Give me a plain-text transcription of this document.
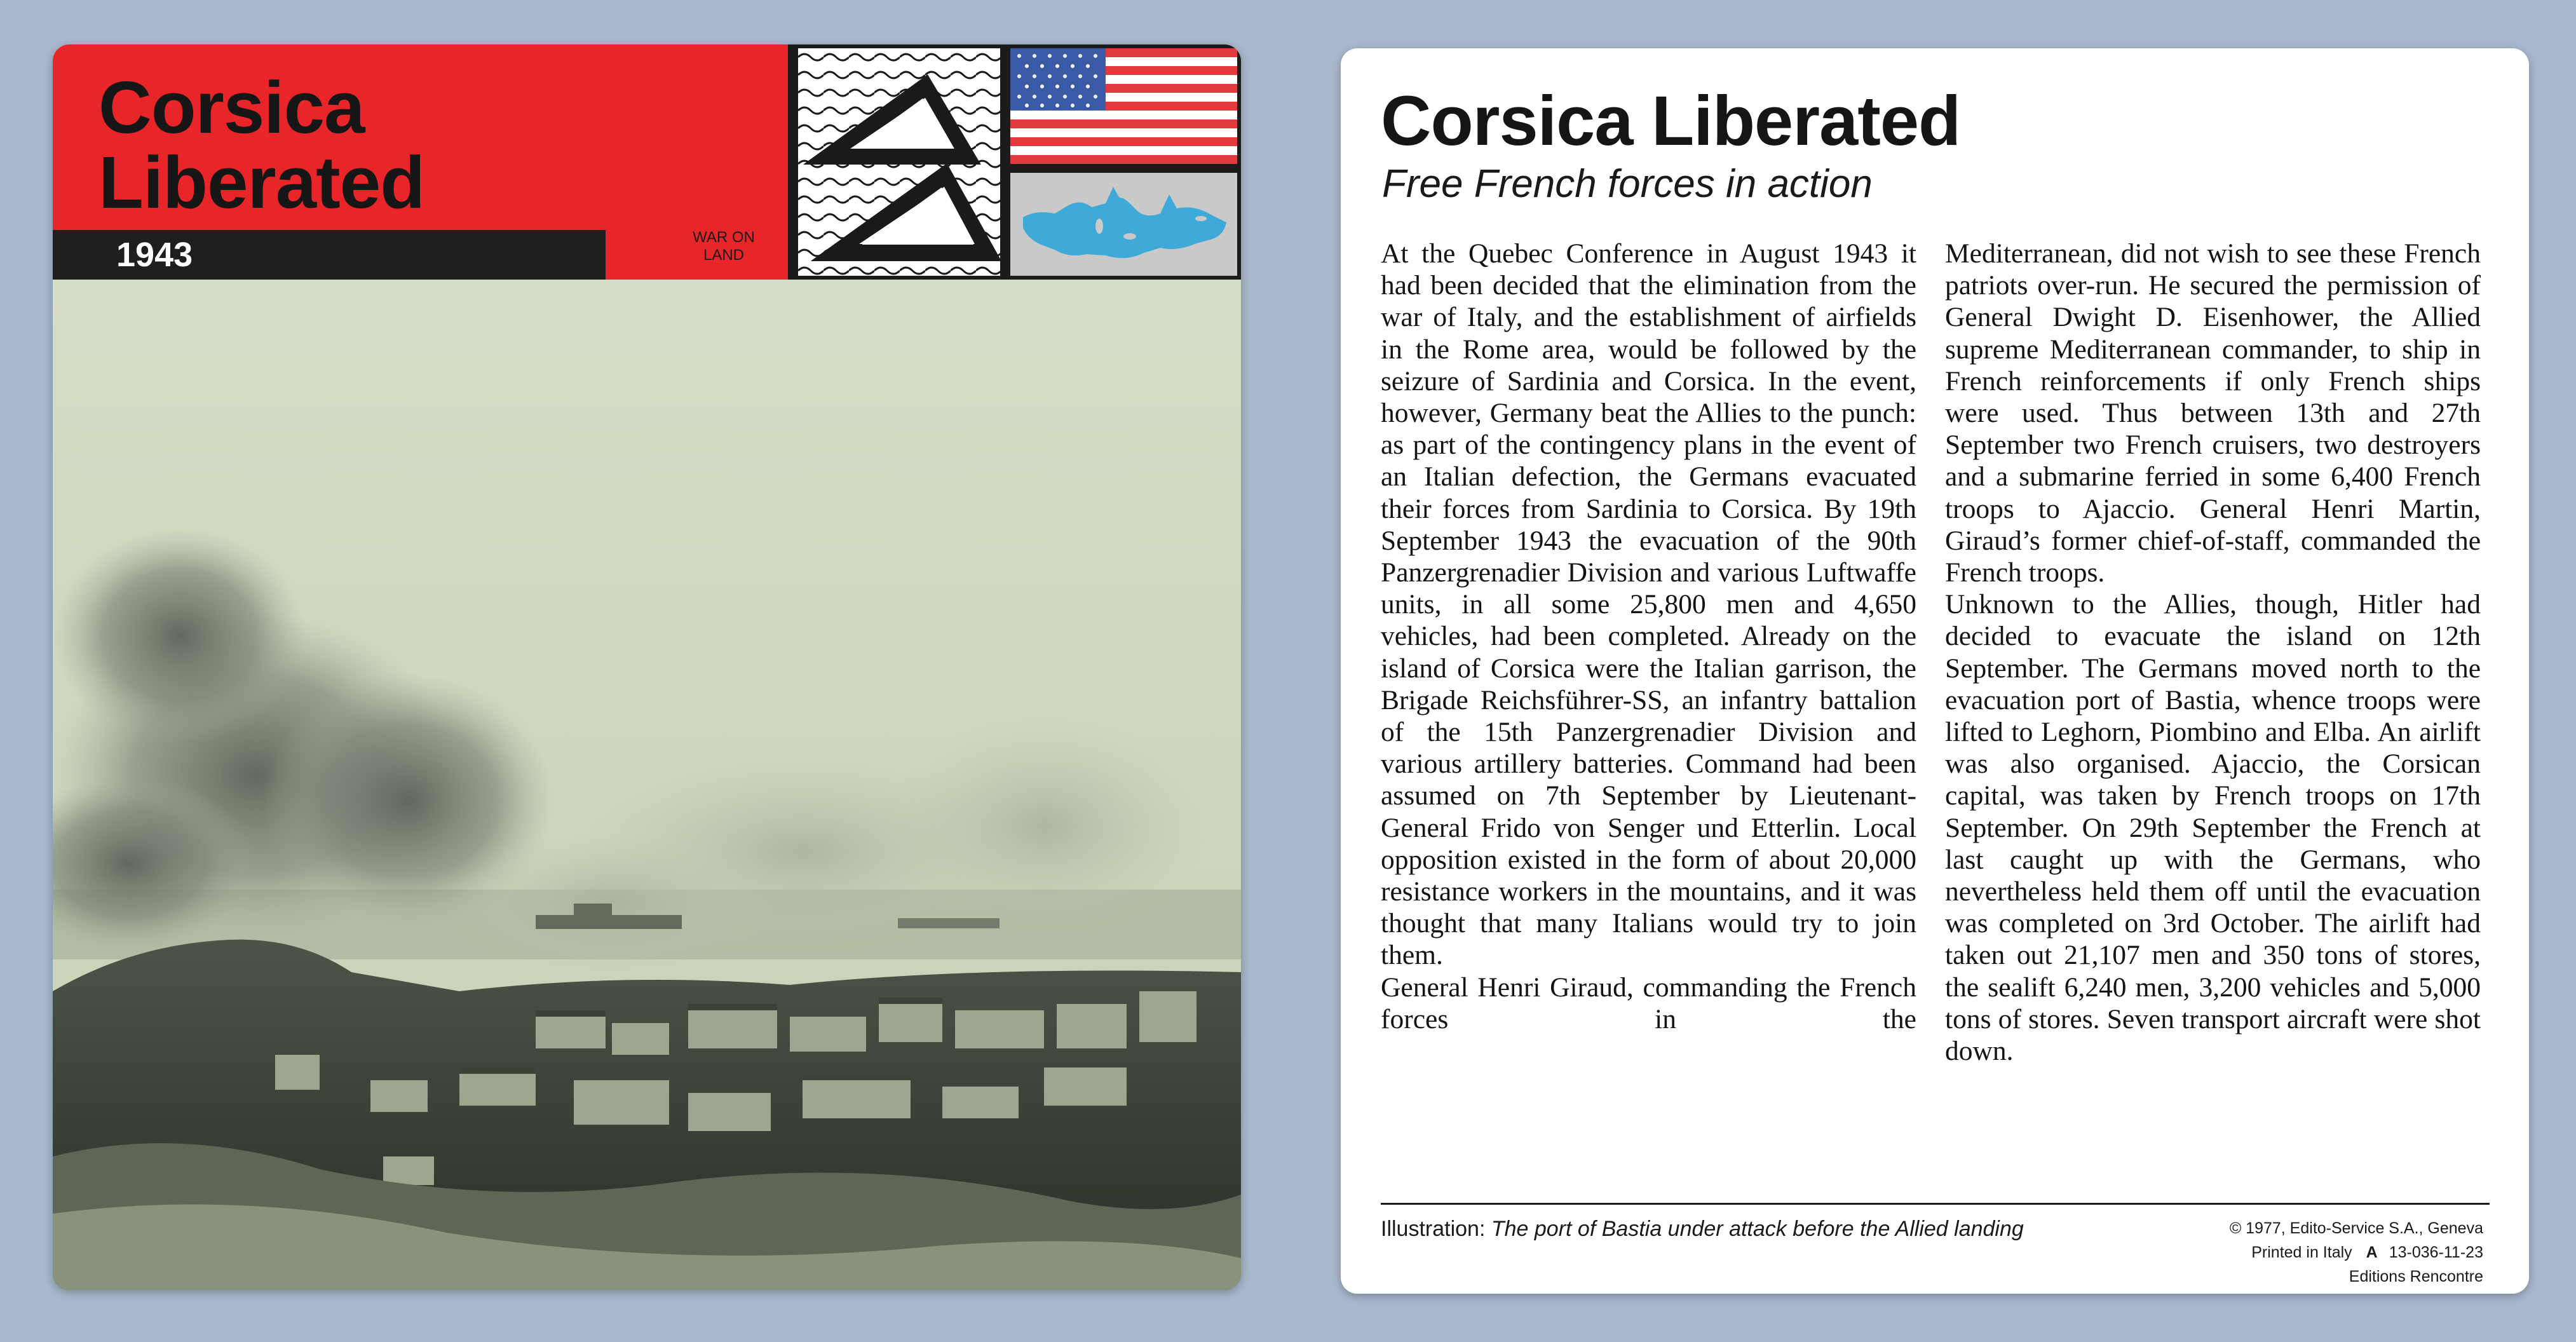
Corsica
Liberated
1943	WAR ON
LAND
Corsica Liberated
Free French forces in action

At the Quebec Conference in August 1943 it had been decided that the elimination from the war of Italy, and the establishment of airfields in the Rome area, would be followed by the seizure of Sardinia and Corsica. In the event, however, Germany beat the Allies to the punch: as part of the contingency plans in the event of an Italian defection, the Germans evacuated their forces from Sardinia to Corsica. By 19th September 1943 the evacuation of the 90th Panzergrenadier Division and various Luftwaffe units, in all some 25,800 men and 4,650 vehicles, had been completed. Already on the island of Corsica were the Italian garrison, the Brigade Reichsführer-SS, an infantry battalion of the 15th Panzergrenadier Division and various artillery batteries. Command had been assumed on 7th September by Lieutenant-General Frido von Senger und Etterlin. Local opposition existed in the form of about 20,000 resistance workers in the mountains, and it was thought that many Italians would try to join them.

General Henri Giraud, commanding the French forces in the

Mediterranean, did not wish to see these French patriots over-run. He secured the permission of General Dwight D. Eisenhower, the Allied supreme Mediterranean commander, to ship in French reinforcements if only French ships were used. Thus between 13th and 27th September two French cruisers, two destroyers and a submarine ferried in some 6,400 French troops to Ajaccio. General Henri Martin, Giraud’s former chief-of-staff, commanded the French troops.

Unknown to the Allies, though, Hitler had decided to evacuate the island on 12th September. The Germans moved north to the evacuation port of Bastia, whence troops were lifted to Leghorn, Piombino and Elba. An airlift was also organised. Ajaccio, the Corsican capital, was taken by French troops on 17th September. On 29th September the French at last caught up with the Germans, who nevertheless held them off until the evacuation was completed on 3rd October. The airlift had taken out 21,107 men and 350 tons of stores, the sealift 6,240 men, 3,200 vehicles and 5,000 tons of stores. Seven transport aircraft were shot down.

Illustration: The port of Bastia under attack before the Allied landing	© 1977, Edito-Service S.A., Geneva
Printed in Italy A 13-036-11-23
Editions Rencontre
